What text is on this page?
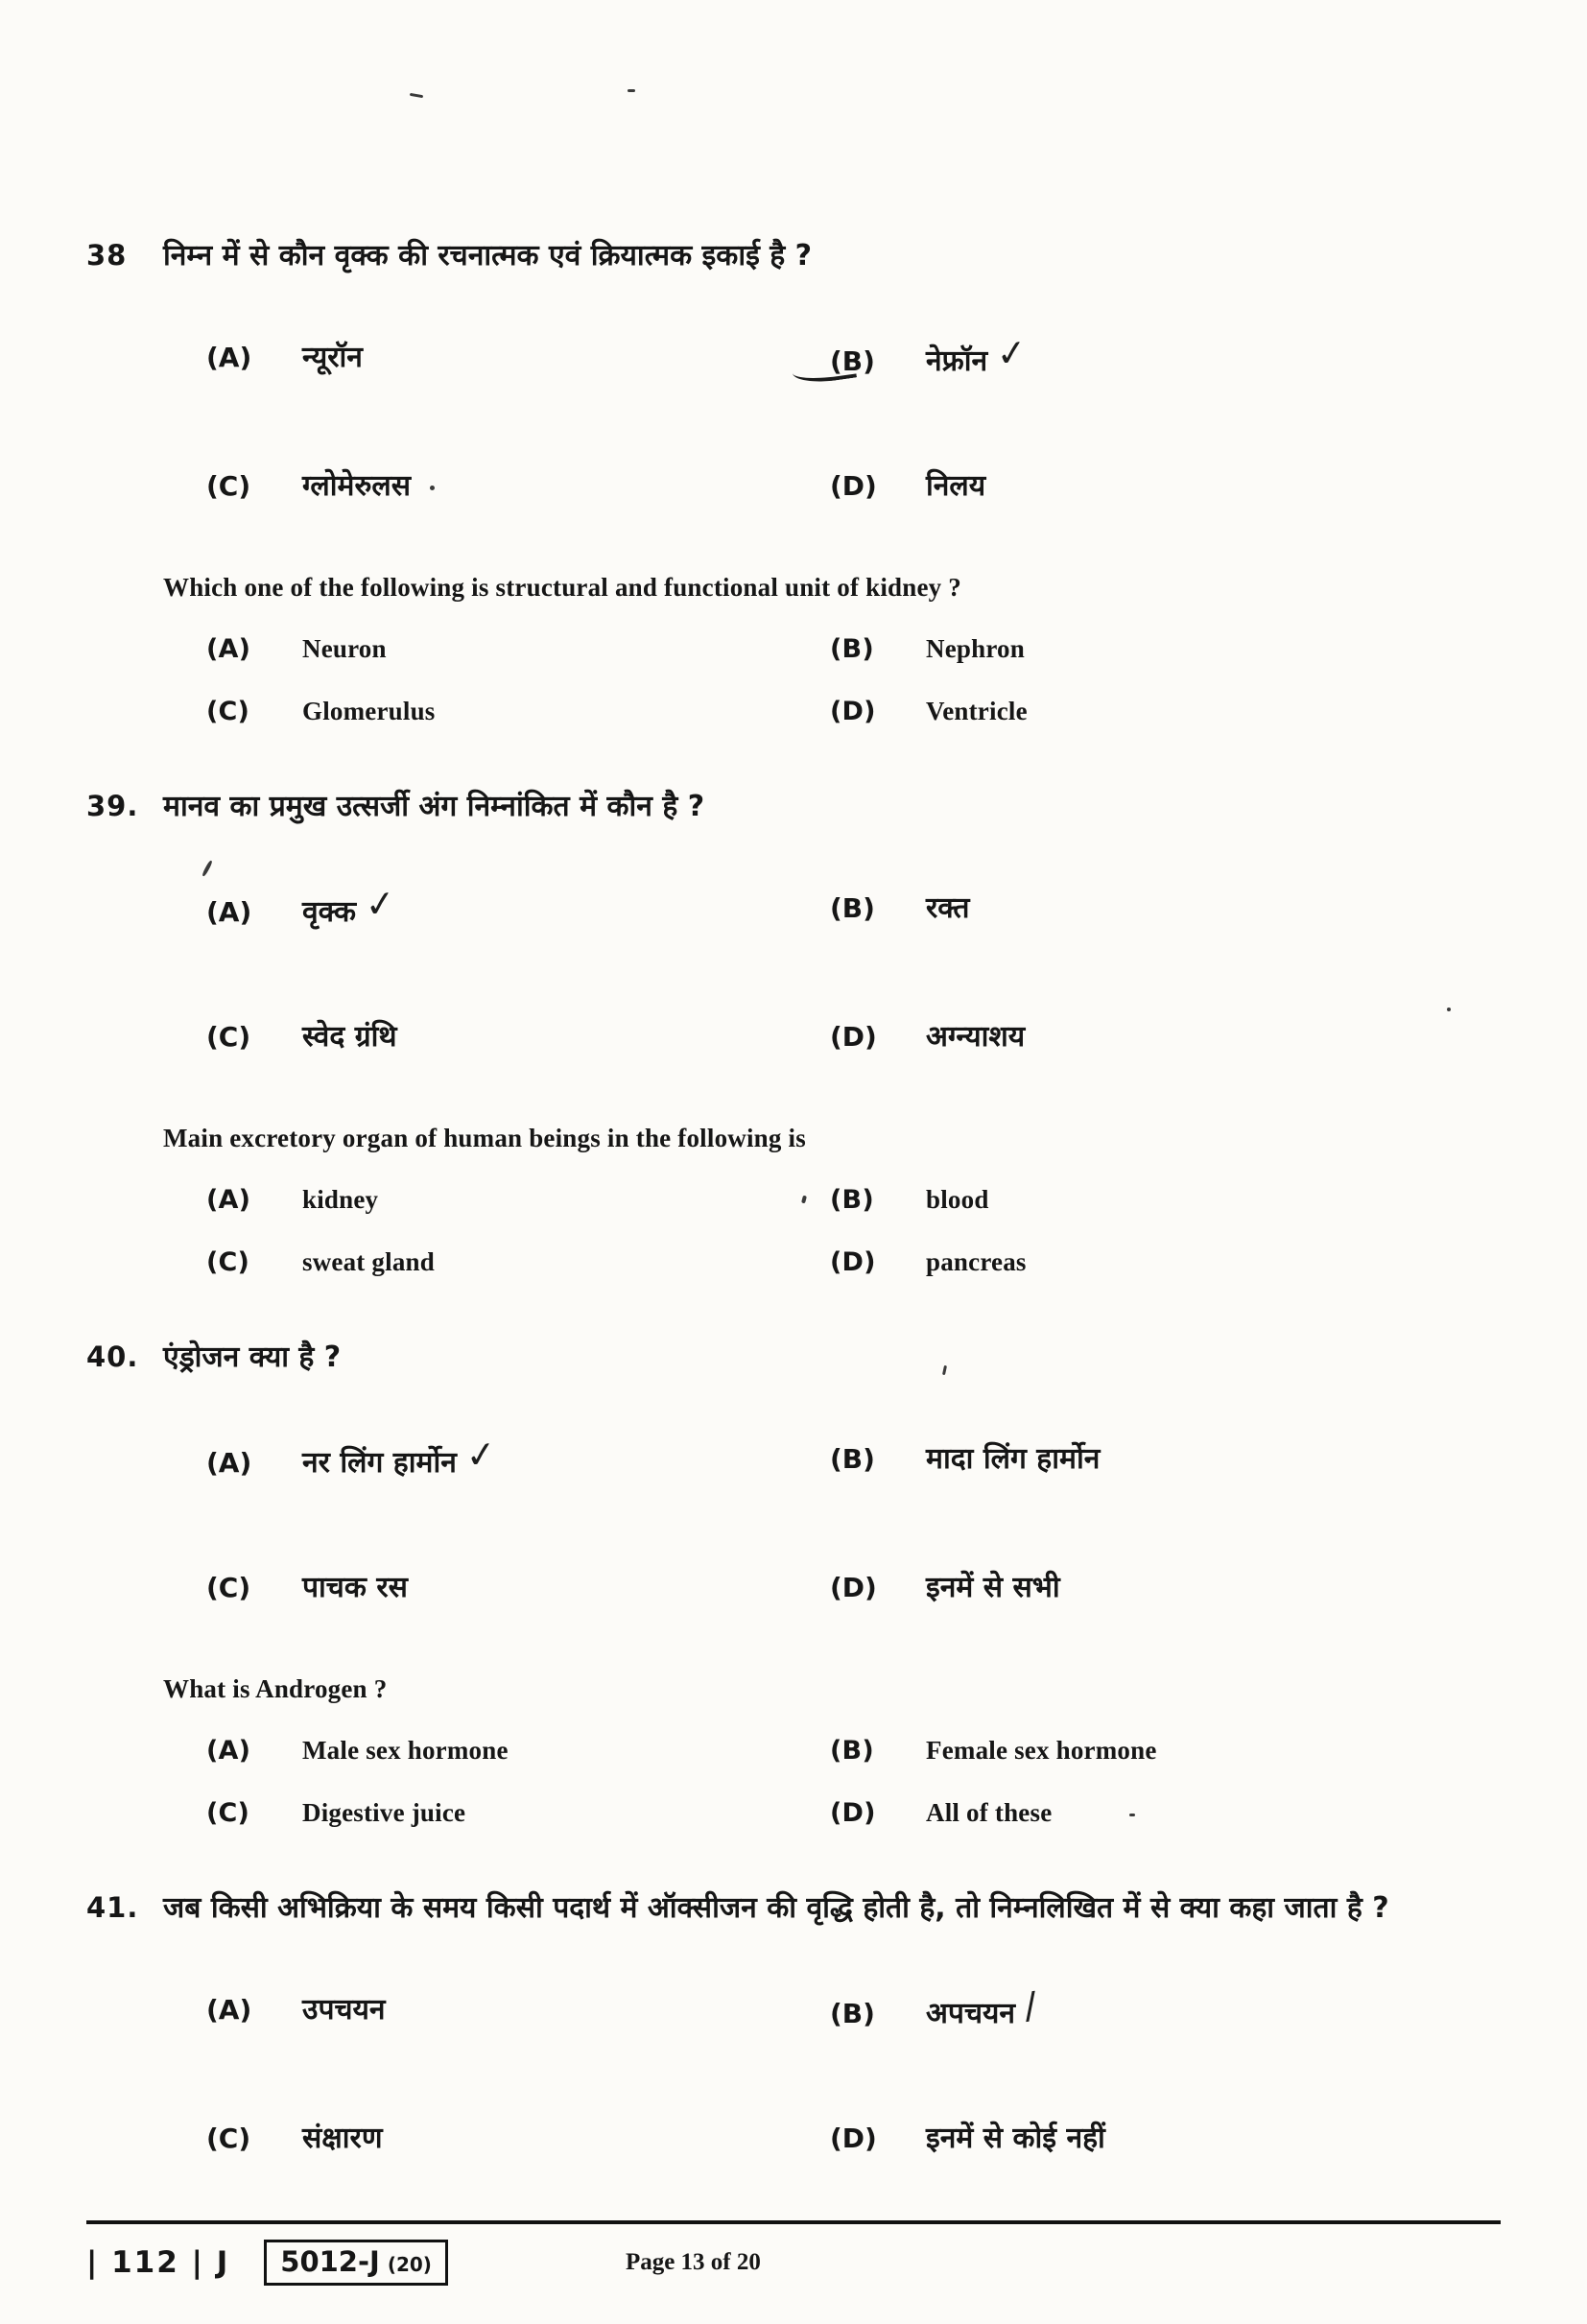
38	निम्न में से कौन वृक्क की रचनात्मक एवं क्रियात्मक इकाई है ?
(A)	न्यूरॉन	(B)	नेफ्रॉन ✓
(C)	ग्लोमेरुलस	(D)	निलय
Which one of the following is structural and functional unit of kidney ?
(A)	Neuron	(B)	Nephron
(C)	Glomerulus	(D)	Ventricle
39. मानव का प्रमुख उत्सर्जी अंग निम्नांकित में कौन है ?
(A)	वृक्क ✓	(B)	रक्त
(C)	स्वेद ग्रंथि	(D)	अग्न्याशय
Main excretory organ of human beings in the following is
(A)	kidney	(B)	blood
(C)	sweat gland	(D)	pancreas
40. एंड्रोजन क्या है ?
(A)	नर लिंग हार्मोन ✓	(B)	मादा लिंग हार्मोन
(C)	पाचक रस	(D)	इनमें से सभी
What is Androgen ?
(A)	Male sex hormone	(B)	Female sex hormone
(C)	Digestive juice	(D)	All of these
41. जब किसी अभिक्रिया के समय किसी पदार्थ में ऑक्सीजन की वृद्धि होती है, तो निम्नलिखित में से क्या कहा जाता है ?
(A)	उपचयन	(B)	अपचयन ∕
(C)	संक्षारण	(D)	इनमें से कोई नहीं
| 112 | J 5012-J (20)	Page 13 of 20
